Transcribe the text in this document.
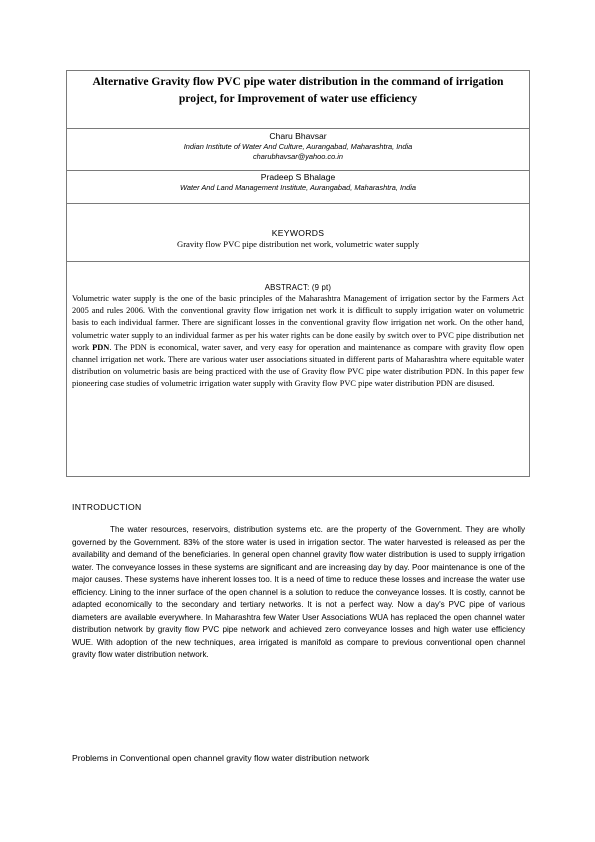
Alternative Gravity flow PVC pipe water distribution in the command of irrigation
project, for Improvement of water use efficiency
Charu Bhavsar
Indian Institute of Water And Culture, Aurangabad, Maharashtra, India
charubhavsar@yahoo.co.in
Pradeep S Bhalage
Water And Land Management Institute, Aurangabad, Maharashtra, India
KEYWORDS
Gravity flow PVC pipe distribution net work, volumetric water supply
ABSTRACT: (9 pt)

Volumetric water supply is the one of the basic principles of the Maharashtra Management of irrigation sector by the Farmers Act 2005 and rules 2006. With the conventional gravity flow irrigation net work it is difficult to supply irrigation water on volumetric basis to each individual farmer. There are significant losses in the conventional gravity flow irrigation net work. On the other hand, volumetric water supply to an individual farmer as per his water rights can be done easily by switch over to PVC pipe distribution net work PDN. The PDN is economical, water saver, and very easy for operation and maintenance as compare with gravity flow open channel irrigation net work. There are various water user associations situated in different parts of Maharashtra where equitable water distribution on volumetric basis are being practiced with the use of Gravity flow PVC pipe water distribution PDN. In this paper few pioneering case studies of volumetric irrigation water supply with Gravity flow PVC pipe water distribution PDN are disused.

INTRODUCTION

The water resources, reservoirs, distribution systems etc. are the property of the Government. They are wholly governed by the Government. 83% of the store water is used in irrigation sector. The water harvested is released as per the availability and demand of the beneficiaries. In general open channel gravity flow water distribution is used to supply irrigation water. The conveyance losses in these systems are significant and are increasing day by day. Poor maintenance is one of the major causes. These systems have inherent losses too. It is a need of time to reduce these losses and increase the water use efficiency. Lining to the inner surface of the open channel is a solution to reduce the conveyance losses. It is costly, cannot be adapted economically to the secondary and tertiary networks. It is not a perfect way. Now a day's PVC pipe of various diameters are available everywhere. In Maharashtra few Water User Associations WUA has replaced the open channel water distribution network by gravity flow PVC pipe network and achieved zero conveyance losses and high water use efficiency WUE. With adoption of the new techniques, area irrigated is manifold as compare to previous conventional open channel gravity flow water distribution network.

Problems in Conventional open channel gravity flow water distribution network
